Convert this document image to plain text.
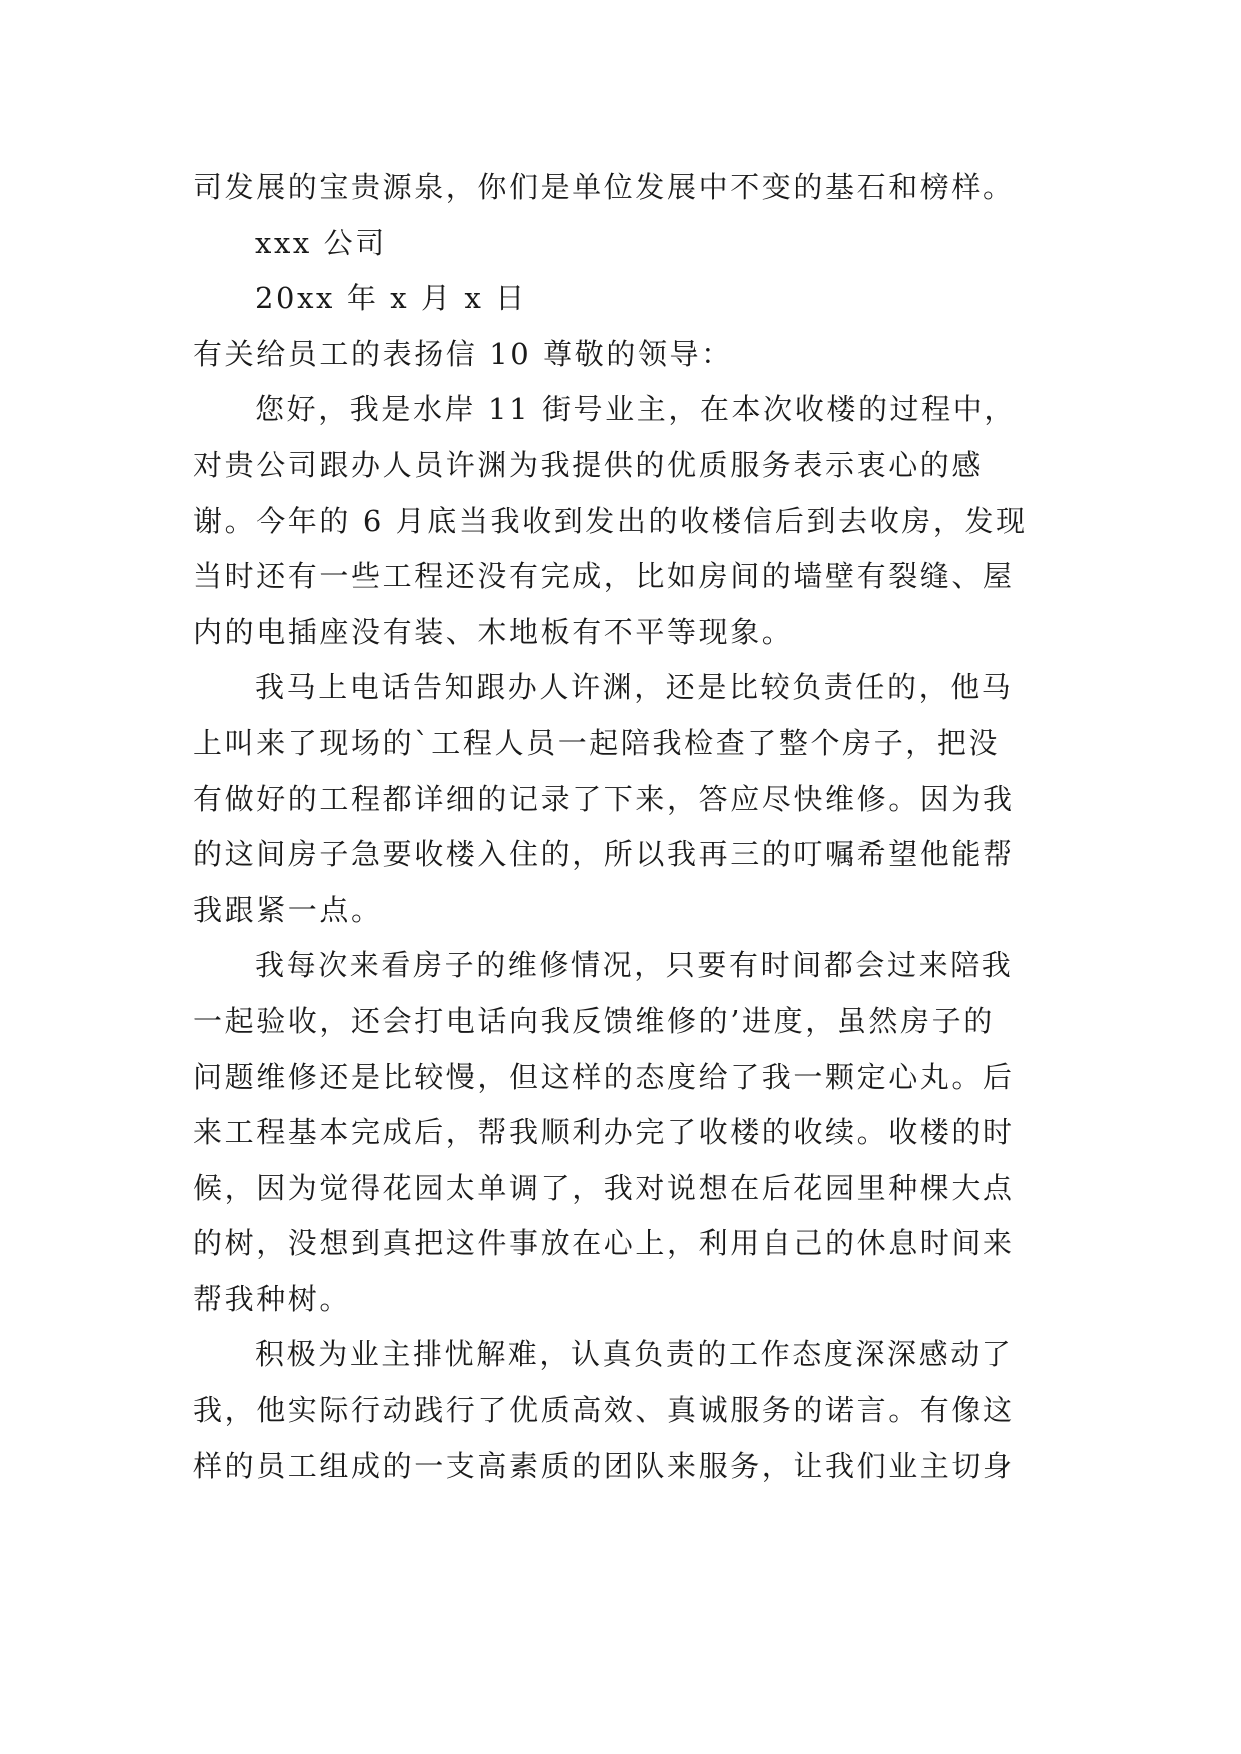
司发展的宝贵源泉，你们是单位发展中不变的基石和榜样。
xxx 公司
20xx 年 x 月 x 日
有关给员工的表扬信 10 尊敬的领导：
您好，我是水岸 11 街号业主，在本次收楼的过程中，
对贵公司跟办人员许渊为我提供的优质服务表示衷心的感
谢。今年的 6 月底当我收到发出的收楼信后到去收房，发现
当时还有一些工程还没有完成，比如房间的墙壁有裂缝、屋
内的电插座没有装、木地板有不平等现象。
我马上电话告知跟办人许渊，还是比较负责任的，他马
上叫来了现场的`工程人员一起陪我检查了整个房子，把没
有做好的工程都详细的记录了下来，答应尽快维修。因为我
的这间房子急要收楼入住的，所以我再三的叮嘱希望他能帮
我跟紧一点。
我每次来看房子的维修情况，只要有时间都会过来陪我
一起验收，还会打电话向我反馈维修的’进度，虽然房子的
问题维修还是比较慢，但这样的态度给了我一颗定心丸。后
来工程基本完成后，帮我顺利办完了收楼的收续。收楼的时
候，因为觉得花园太单调了，我对说想在后花园里种棵大点
的树，没想到真把这件事放在心上，利用自己的休息时间来
帮我种树。
积极为业主排忧解难，认真负责的工作态度深深感动了
我，他实际行动践行了优质高效、真诚服务的诺言。有像这
样的员工组成的一支高素质的团队来服务，让我们业主切身
